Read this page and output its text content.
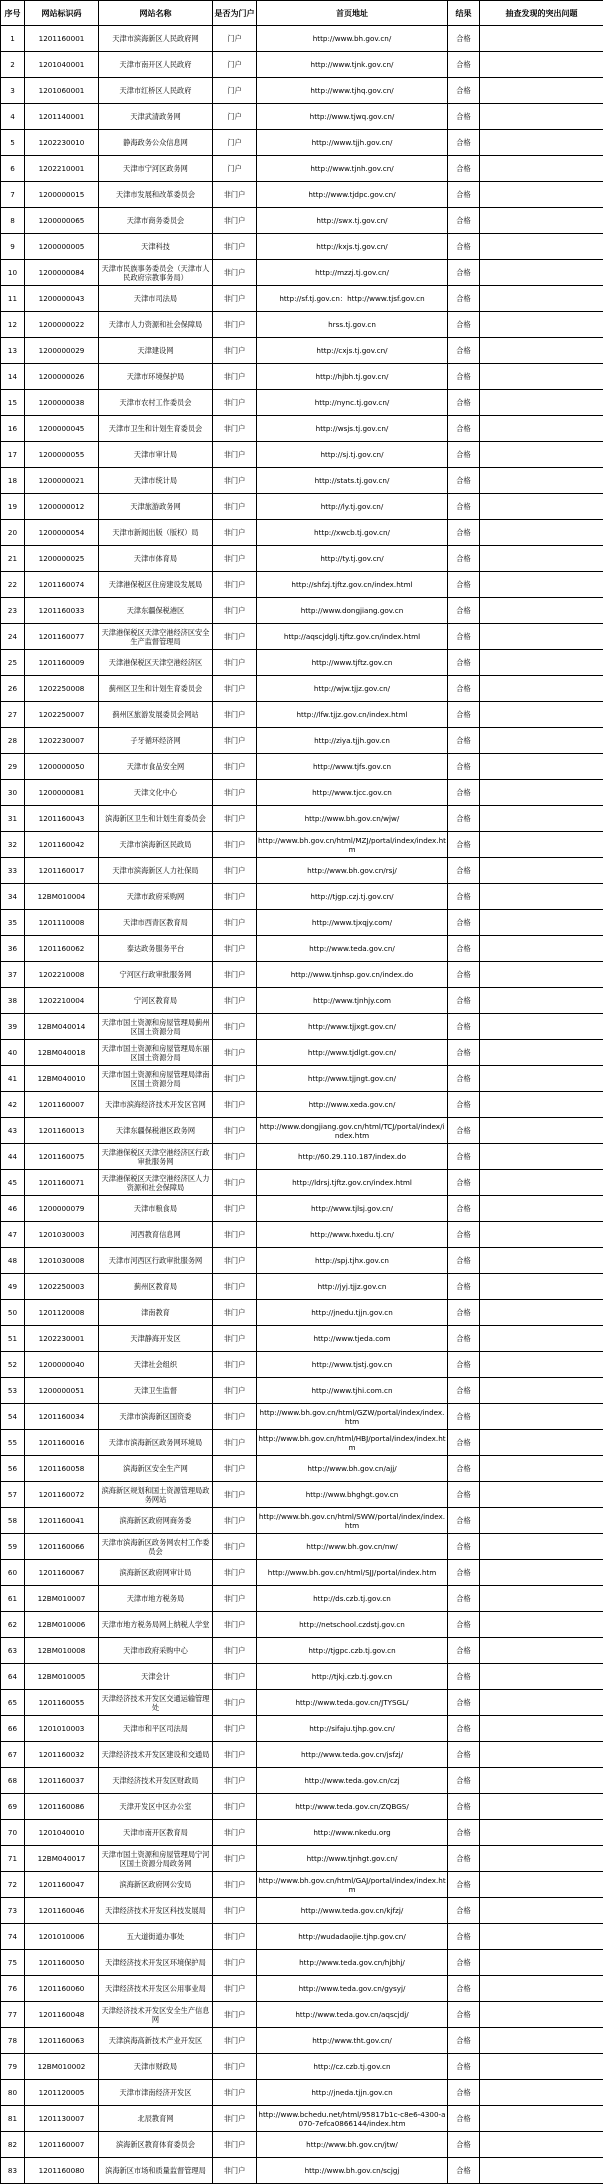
序号	网站标识码	网站名称	是否为门户	首页地址	结果	抽查发现的突出问题
1	1201160001	天津市滨海新区人民政府网	门户	http://www.bh.gov.cn/	合格	
2	1201040001	天津市南开区人民政府	门户	http://www.tjnk.gov.cn/	合格	
3	1201060001	天津市红桥区人民政府	门户	http://www.tjhq.gov.cn/	合格	
4	1201140001	天津武清政务网	门户	http://www.tjwq.gov.cn/	合格	
5	1202230010	静海政务公众信息网	门户	http://www.tjjh.gov.cn/	合格	
6	1202210001	天津市宁河区政务网	门户	http://www.tjnh.gov.cn/	合格	
7	1200000015	天津市发展和改革委员会	非门户	http://www.tjdpc.gov.cn/	合格	
8	1200000065	天津市商务委员会	非门户	http://swx.tj.gov.cn/	合格	
9	1200000005	天津科技	非门户	http://kxjs.tj.gov.cn/	合格	
10	1200000084	天津市民族事务委员会（天津市人民政府宗教事务局）	非门户	http://mzzj.tj.gov.cn/	合格	
11	1200000043	天津市司法局	非门户	http://sf.tj.gov.cn：http://www.tjsf.gov.cn	合格	
12	1200000022	天津市人力资源和社会保障局	非门户	hrss.tj.gov.cn	合格	
13	1200000029	天津建设网	非门户	http://cxjs.tj.gov.cn/	合格	
14	1200000026	天津市环境保护局	非门户	http://hjbh.tj.gov.cn/	合格	
15	1200000038	天津市农村工作委员会	非门户	http://nync.tj.gov.cn/	合格	
16	1200000045	天津市卫生和计划生育委员会	非门户	http://wsjs.tj.gov.cn/	合格	
17	1200000055	天津市审计局	非门户	http://sj.tj.gov.cn/	合格	
18	1200000021	天津市统计局	非门户	http://stats.tj.gov.cn/	合格	
19	1200000012	天津旅游政务网	非门户	http://ly.tj.gov.cn/	合格	
20	1200000054	天津市新闻出版（版权）局	非门户	http://xwcb.tj.gov.cn/	合格	
21	1200000025	天津市体育局	非门户	http://ty.tj.gov.cn/	合格	
22	1201160074	天津港保税区住房建设发展局	非门户	http://shfzj.tjftz.gov.cn/index.html	合格	
23	1201160033	天津东疆保税港区	非门户	http://www.dongjiang.gov.cn	合格	
24	1201160077	天津港保税区天津空港经济区安全生产监督管理局	非门户	http://aqscjdglj.tjftz.gov.cn/index.html	合格	
25	1201160009	天津港保税区天津空港经济区	非门户	http://www.tjftz.gov.cn	合格	
26	1202250008	蓟州区卫生和计划生育委员会	非门户	http://wjw.tjjz.gov.cn/	合格	
27	1202250007	蓟州区旅游发展委员会网站	非门户	http://lfw.tjjz.gov.cn/index.html	合格	
28	1202230007	子牙循环经济网	非门户	http://ziya.tjjh.gov.cn	合格	
29	1200000050	天津市食品安全网	非门户	http://www.tjfs.gov.cn	合格	
30	1200000081	天津文化中心	非门户	http://www.tjcc.gov.cn	合格	
31	1201160043	滨海新区卫生和计划生育委员会	非门户	http://www.bh.gov.cn/wjw/	合格	
32	1201160042	天津市滨海新区民政局	非门户	http://www.bh.gov.cn/html/MZJ/portal/index/index.htm	合格	
33	1201160017	天津市滨海新区人力社保局	非门户	http://www.bh.gov.cn/rsj/	合格	
34	12BM010004	天津市政府采购网	非门户	http://tjgp.czj.tj.gov.cn/	合格	
35	1201110008	天津市西青区教育局	非门户	http://www.tjxqjy.com/	合格	
36	1201160062	泰达政务服务平台	非门户	http://www.teda.gov.cn/	合格	
37	1202210008	宁河区行政审批服务网	非门户	http://www.tjnhsp.gov.cn/index.do	合格	
38	1202210004	宁河区教育局	非门户	http://www.tjnhjy.com	合格	
39	12BM040014	天津市国土资源和房屋管理局蓟州区国土资源分局	非门户	http://www.tjjxgt.gov.cn/	合格	
40	12BM040018	天津市国土资源和房屋管理局东丽区国土资源分局	非门户	http://www.tjdlgt.gov.cn/	合格	
41	12BM040010	天津市国土资源和房屋管理局津南区国土资源分局	非门户	http://www.tjjngt.gov.cn/	合格	
42	1201160007	天津市滨海经济技术开发区官网	非门户	http://www.xeda.gov.cn/	合格	
43	1201160013	天津东疆保税港区政务网	非门户	http://www.dongjiang.gov.cn/html/TCJ/portal/index/index.htm	合格	
44	1201160075	天津港保税区天津空港经济区行政审批服务网	非门户	http://60.29.110.187/index.do	合格	
45	1201160071	天津港保税区天津空港经济区人力资源和社会保障局	非门户	http://ldrsj.tjftz.gov.cn/index.html	合格	
46	1200000079	天津市粮食局	非门户	http://www.tjlsj.gov.cn/	合格	
47	1201030003	河西教育信息网	非门户	http://www.hxedu.tj.cn/	合格	
48	1201030008	天津市河西区行政审批服务网	非门户	http://spj.tjhx.gov.cn	合格	
49	1202250003	蓟州区教育局	非门户	http://jyj.tjjz.gov.cn	合格	
50	1201120008	津南教育	非门户	http://jnedu.tjjn.gov.cn	合格	
51	1202230001	天津静海开发区	非门户	http://www.tjeda.com	合格	
52	1200000040	天津社会组织	非门户	http://www.tjstj.gov.cn	合格	
53	1200000051	天津卫生监督	非门户	http://www.tjhi.com.cn	合格	
54	1201160034	天津市滨海新区国资委	非门户	http://www.bh.gov.cn/html/GZW/portal/index/index.htm	合格	
55	1201160016	天津市滨海新区政务网环境局	非门户	http://www.bh.gov.cn/html/HBJ/portal/index/index.htm	合格	
56	1201160058	滨海新区安全生产网	非门户	http://www.bh.gov.cn/ajj/	合格	
57	1201160072	滨海新区规划和国土资源管理局政务网站	非门户	http://www.bhghgt.gov.cn	合格	
58	1201160041	滨海新区政府网商务委	非门户	http://www.bh.gov.cn/html/SWW/portal/index/index.htm	合格	
59	1201160066	天津市滨海新区政务网农村工作委员会	非门户	http://www.bh.gov.cn/nw/	合格	
60	1201160067	滨海新区政府网审计局	非门户	http://www.bh.gov.cn/html/SJJ/portal/index.htm	合格	
61	12BM010007	天津市地方税务局	非门户	http://ds.czb.tj.gov.cn	合格	
62	12BM010006	天津市地方税务局网上纳税人学堂	非门户	http://netschool.czdstj.gov.cn	合格	
63	12BM010008	天津市政府采购中心	非门户	http://tjgpc.czb.tj.gov.cn	合格	
64	12BM010005	天津会计	非门户	http://tjkj.czb.tj.gov.cn	合格	
65	1201160055	天津经济技术开发区交通运输管理处	非门户	http://www.teda.gov.cn/JTYSGL/	合格	
66	1201010003	天津市和平区司法局	非门户	http://sifaju.tjhp.gov.cn/	合格	
67	1201160032	天津经济技术开发区建设和交通局	非门户	http://www.teda.gov.cn/jsfzj/	合格	
68	1201160037	天津经济技术开发区财政局	非门户	http://www.teda.gov.cn/czj	合格	
69	1201160086	天津开发区中区办公室	非门户	http://www.teda.gov.cn/ZQBGS/	合格	
70	1201040010	天津市南开区教育局	非门户	http://www.nkedu.org	合格	
71	12BM040017	天津市国土资源和房屋管理局宁河区国土资源分局政务网	非门户	http://www.tjnhgt.gov.cn/	合格	
72	1201160047	滨海新区政府网公安局	非门户	http://www.bh.gov.cn/html/GAJ/portal/index/index.htm	合格	
73	1201160046	天津经济技术开发区科技发展局	非门户	http://www.teda.gov.cn/kjfzj/	合格	
74	1201010006	五大道街道办事处	非门户	http://wudadaojie.tjhp.gov.cn/	合格	
75	1201160050	天津经济技术开发区环境保护局	非门户	http://www.teda.gov.cn/hjbhj/	合格	
76	1201160060	天津经济技术开发区公用事业局	非门户	http://www.teda.gov.cn/gysyj/	合格	
77	1201160048	天津经济技术开发区安全生产信息网	非门户	http://www.teda.gov.cn/aqscjdj/	合格	
78	1201160063	天津滨海高新技术产业开发区	非门户	http://www.tht.gov.cn/	合格	
79	12BM010002	天津市财政局	非门户	http://cz.czb.tj.gov.cn	合格	
80	1201120005	天津市津南经济开发区	非门户	http://jneda.tjjn.gov.cn	合格	
81	1201130007	北辰教育网	非门户	http://www.bchedu.net/html/95817b1c-c8e6-4300-a070-7efca0866144/index.htm	合格	
82	1201160007	滨海新区教育体育委员会	非门户	http://www.bh.gov.cn/jtw/	合格	
83	1201160080	滨海新区市场和质量监督管理局	非门户	http://www.bh.gov.cn/scjgj	合格	
